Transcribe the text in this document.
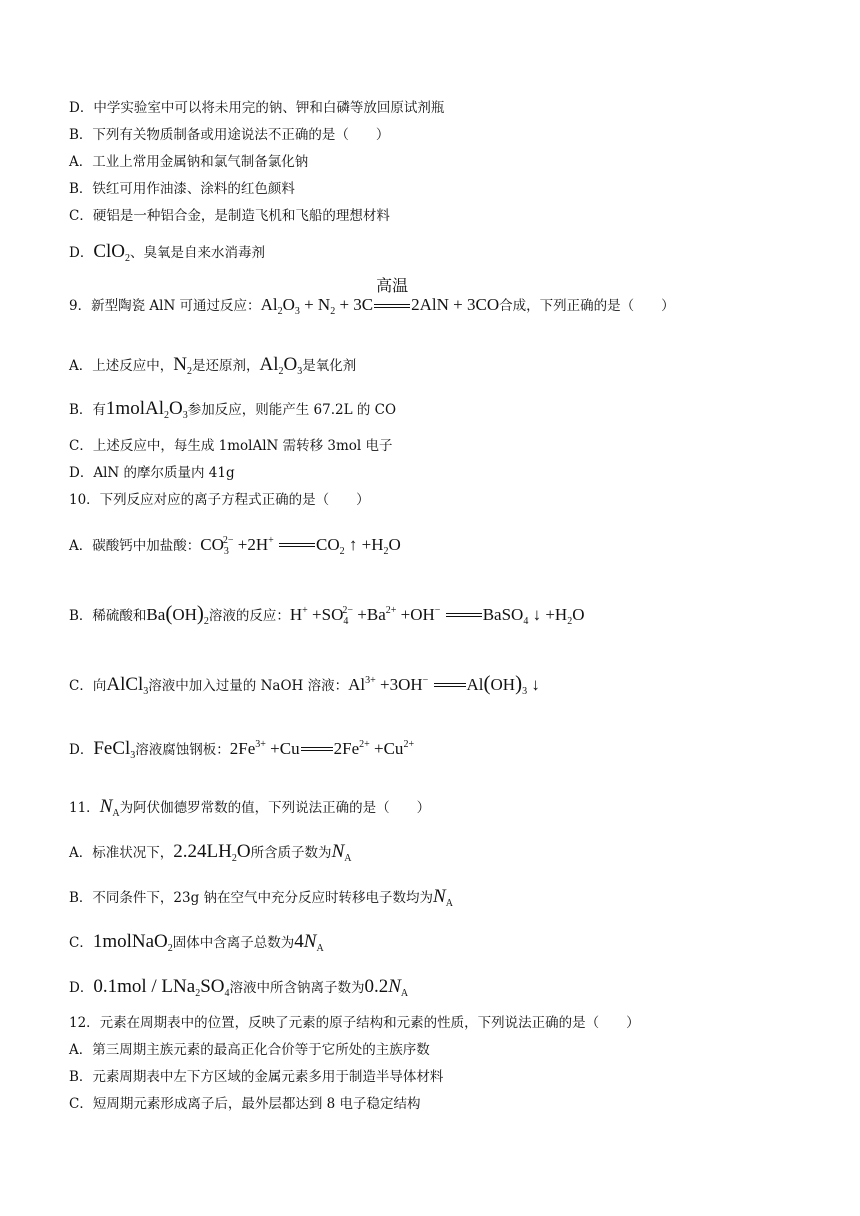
D．中学实验室中可以将未用完的钠、钾和白磷等放回原试剂瓶
B．下列有关物质制备或用途说法不正确的是（　　）
A．工业上常用金属钠和氯气制备氯化钠
B．铁红可用作油漆、涂料的红色颜料
C．硬铝是一种铝合金，是制造飞机和飞船的理想材料
D．ClO$_2$、臭氧是自来水消毒剂
9．新型陶瓷 AlN 可通过反应：$Al_2O_3 + N_2 + 3C$
高温
2AlN + 3CO合成，下列正确的是（　　）
A．上述反应中，$N_2$是还原剂，$Al_2O_3$是氧化剂
B．有$1molAl_2O_3$参加反应，则能产生 67.2L 的 CO
C．上述反应中，每生成 1molAlN 需转移 3mol 电子
D．AlN 的摩尔质量内 41g
10．下列反应对应的离子方程式正确的是（　　）
A．碳酸钙中加盐酸：$CO_3^{2-} +2H^+$ $CO_2$ ↑ $+H_2O$
B．稀硫酸和$Ba(OH)_2$溶液的反应：$H^+ +SO_4^{2-} +Ba^{2+} +OH^-$ BaSO$_4$ ↓ $+H_2O$
C．向AlCl$_3$溶液中加入过量的 NaOH 溶液：$Al^{3+} +3OH^-$ $Al(OH)_3$ ↓
D．FeCl$_3$溶液腐蚀钢板：$2Fe^{3+} +Cu$ $2Fe^{2+} +Cu^{2+}$
11．$N_A$为阿伏伽德罗常数的值，下列说法正确的是（　　）
A．标准状况下，$2.24LH_2O$所含质子数为$N_A$
B．不同条件下，23g 钠在空气中充分反应时转移电子数均为$N_A$
C．1molNaO$_2$固体中含离子总数为$4N_A$
D．$0.1mol / LNa_2SO_4$溶液中所含钠离子数为$0.2N_A$
12．元素在周期表中的位置，反映了元素的原子结构和元素的性质，下列说法正确的是（　　）
A．第三周期主族元素的最高正化合价等于它所处的主族序数
B．元素周期表中左下方区域的金属元素多用于制造半导体材料
C．短周期元素形成离子后，最外层都达到 8 电子稳定结构
